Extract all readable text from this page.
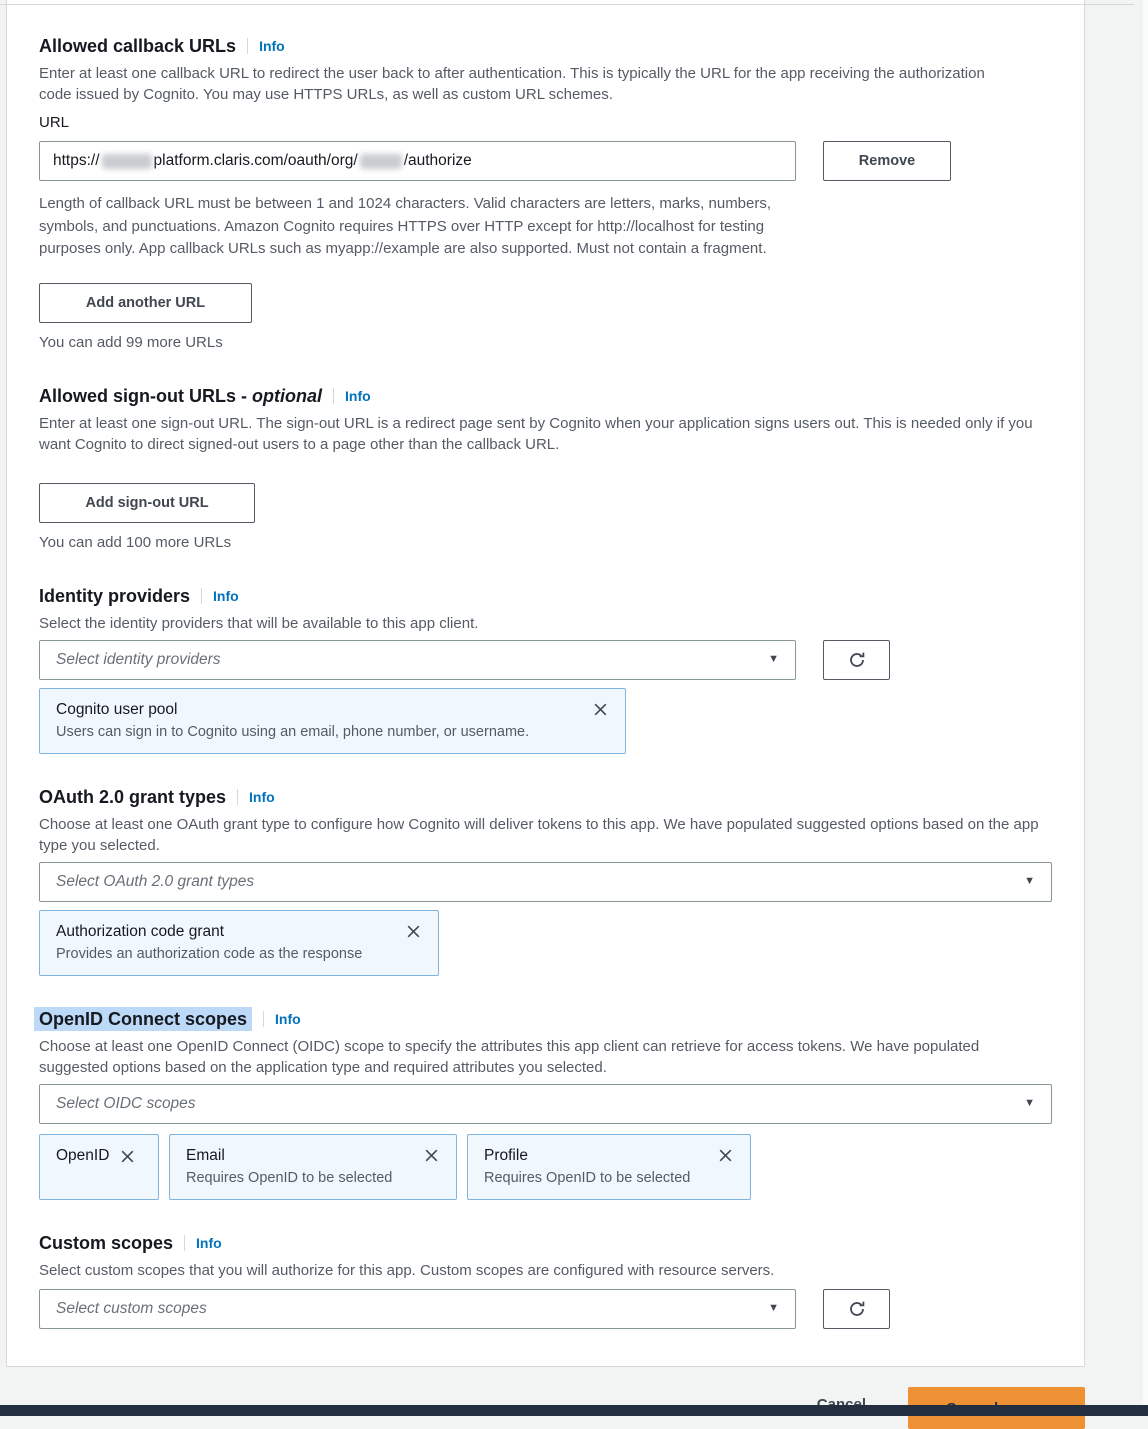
Allowed callback URLs	Info

Enter at least one callback URL to redirect the user back to after authentication. This is typically the URL for the app receiving the authorization code issued by Cognito. You may use HTTPS URLs, as well as custom URL schemes.

URL
https://	platform.claris.com/oauth/org/	/authorize	Remove

Length of callback URL must be between 1 and 1024 characters. Valid characters are letters, marks, numbers, symbols, and punctuations. Amazon Cognito requires HTTPS over HTTP except for http://localhost for testing purposes only. App callback URLs such as myapp://example are also supported. Must not contain a fragment.

Add another URL

You can add 99 more URLs

Allowed sign-out URLs - optional	Info

Enter at least one sign-out URL. The sign-out URL is a redirect page sent by Cognito when your application signs users out. This is needed only if you want Cognito to direct signed-out users to a page other than the callback URL.

Add sign-out URL

You can add 100 more URLs

Identity providers	Info

Select the identity providers that will be available to this app client.

Select identity providers	▼
Cognito user pool
Users can sign in to Cognito using an email, phone number, or username.
OAuth 2.0 grant types	Info

Choose at least one OAuth grant type to configure how Cognito will deliver tokens to this app. We have populated suggested options based on the app type you selected.

Select OAuth 2.0 grant types	▼
Authorization code grant
Provides an authorization code as the response
OpenID Connect scopes	Info

Choose at least one OpenID Connect (OIDC) scope to specify the attributes this app client can retrieve for access tokens. We have populated suggested options based on the application type and required attributes you selected.

Select OIDC scopes	▼
OpenID	Email
Requires OpenID to be selected
Profile
Requires OpenID to be selected
Custom scopes	Info

Select custom scopes that you will authorize for this app. Custom scopes are configured with resource servers.

Select custom scopes	▼
